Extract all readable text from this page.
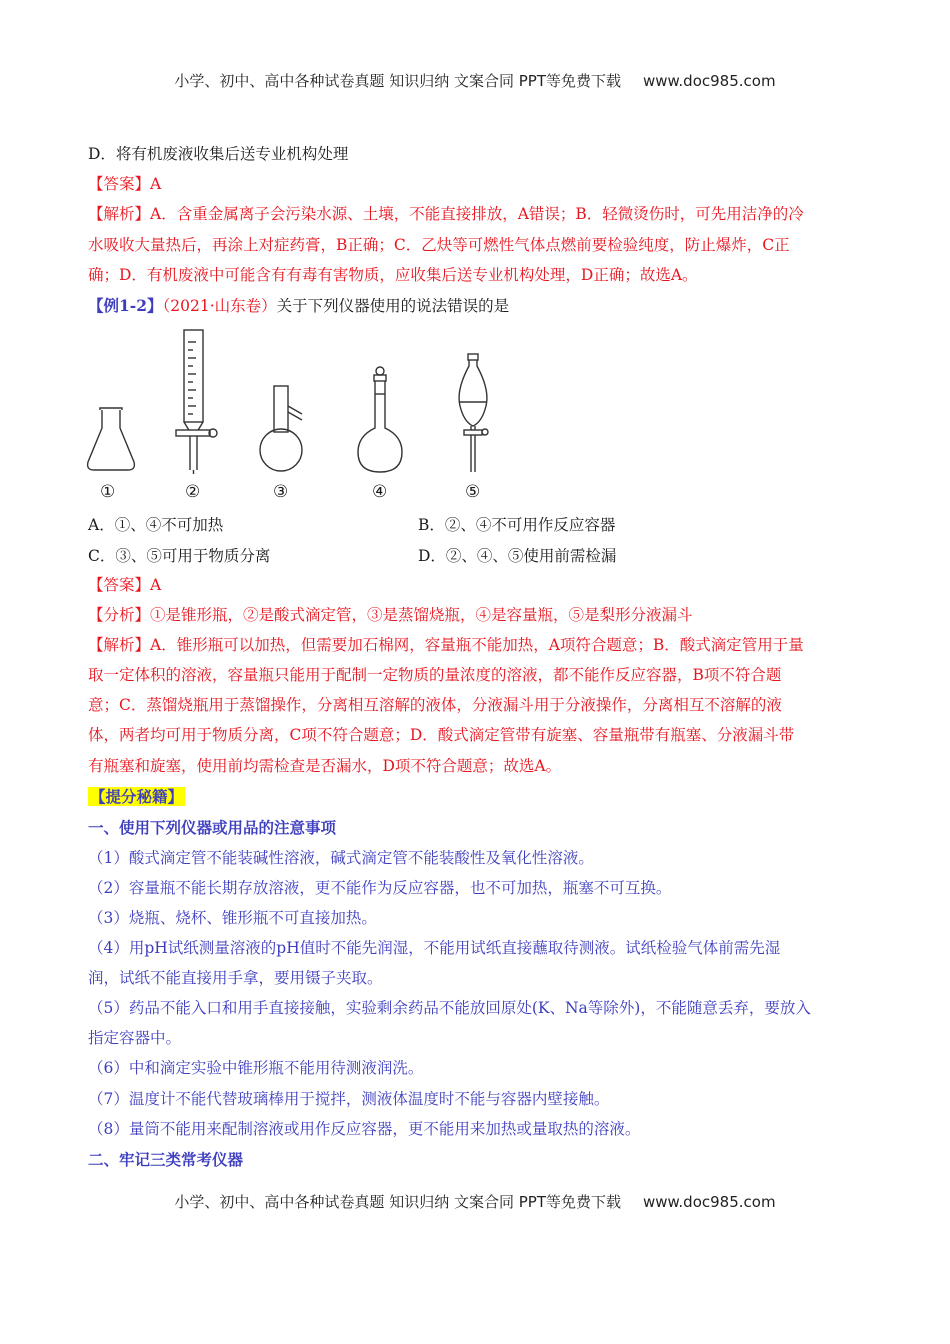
小学、初中、高中各种试卷真题 知识归纳 文案合同 PPT等免费下载 www.doc985.com
D．将有机废液收集后送专业机构处理
【答案】A
【解析】A．含重金属离子会污染水源、土壤，不能直接排放，A错误；B．轻微烫伤时，可先用洁净的冷
水吸收大量热后，再涂上对症药膏，B正确；C．乙炔等可燃性气体点燃前要检验纯度，防止爆炸，C正
确；D．有机废液中可能含有有毒有害物质，应收集后送专业机构处理，D正确；故选A。
【例1-2】（2021·山东卷）关于下列仪器使用的说法错误的是
①	②	③	④	⑤
A．①、④不可加热	B．②、④不可用作反应容器
C．③、⑤可用于物质分离	D．②、④、⑤使用前需检漏
【答案】A
【分析】①是锥形瓶，②是酸式滴定管，③是蒸馏烧瓶，④是容量瓶，⑤是梨形分液漏斗
【解析】A．锥形瓶可以加热，但需要加石棉网，容量瓶不能加热，A项符合题意；B．酸式滴定管用于量
取一定体积的溶液，容量瓶只能用于配制一定物质的量浓度的溶液，都不能作反应容器，B项不符合题
意；C．蒸馏烧瓶用于蒸馏操作，分离相互溶解的液体，分液漏斗用于分液操作，分离相互不溶解的液
体，两者均可用于物质分离，C项不符合题意；D．酸式滴定管带有旋塞、容量瓶带有瓶塞、分液漏斗带
有瓶塞和旋塞，使用前均需检查是否漏水，D项不符合题意；故选A。
【提分秘籍】
一、使用下列仪器或用品的注意事项
（1）酸式滴定管不能装碱性溶液，碱式滴定管不能装酸性及氧化性溶液。
（2）容量瓶不能长期存放溶液，更不能作为反应容器，也不可加热，瓶塞不可互换。
（3）烧瓶、烧杯、锥形瓶不可直接加热。
（4）用pH试纸测量溶液的pH值时不能先润湿，不能用试纸直接蘸取待测液。试纸检验气体前需先湿
润，试纸不能直接用手拿，要用镊子夹取。
（5）药品不能入口和用手直接接触，实验剩余药品不能放回原处(K、Na等除外)，不能随意丢弃，要放入
指定容器中。
（6）中和滴定实验中锥形瓶不能用待测液润洗。
（7）温度计不能代替玻璃棒用于搅拌，测液体温度时不能与容器内壁接触。
（8）量筒不能用来配制溶液或用作反应容器，更不能用来加热或量取热的溶液。
二、牢记三类常考仪器
小学、初中、高中各种试卷真题 知识归纳 文案合同 PPT等免费下载 www.doc985.com
